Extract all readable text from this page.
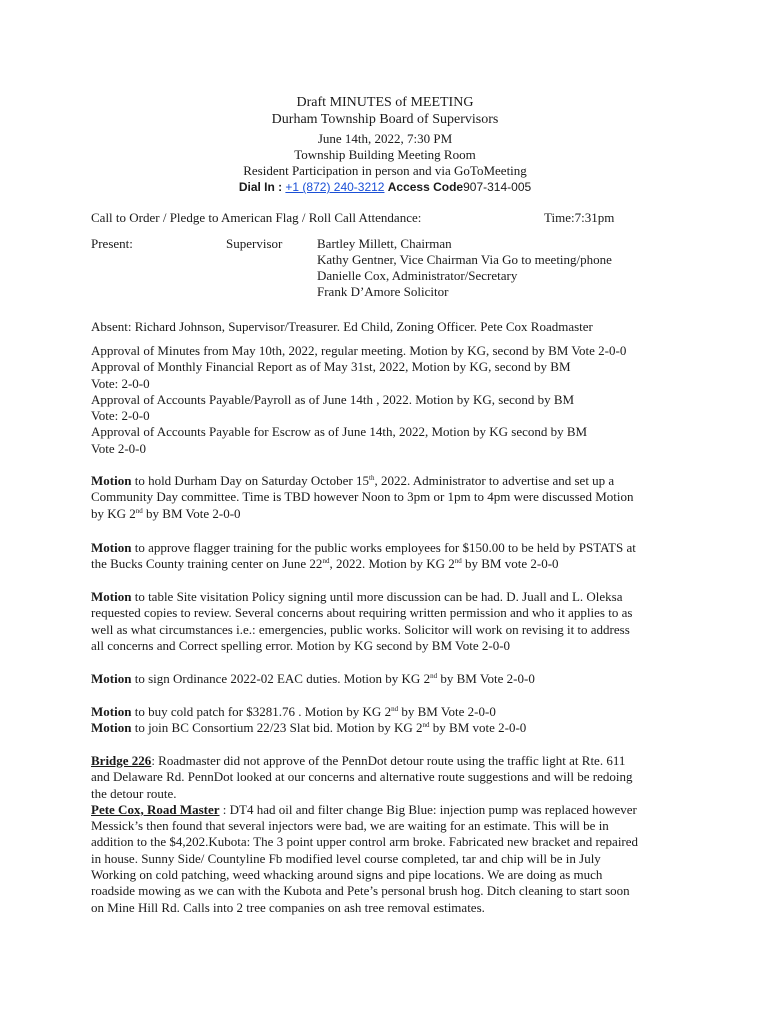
Draft MINUTES of MEETING
Durham Township Board of Supervisors
June 14th, 2022, 7:30 PM
Township Building Meeting Room
Resident Participation in person and via GoToMeeting
Dial In : +1 (872) 240-3212 Access Code907-314-005
Call to Order / Pledge to American Flag / Roll Call Attendance:	Time:7:31pm
Present:	Supervisor	Bartley Millett, Chairman
Kathy Gentner, Vice Chairman Via Go to meeting/phone
Danielle Cox, Administrator/Secretary
Frank D’Amore Solicitor
Absent: Richard Johnson, Supervisor/Treasurer. Ed Child, Zoning Officer. Pete Cox Roadmaster
Approval of Minutes from May 10th, 2022, regular meeting. Motion by KG, second by BM Vote 2-0-0
Approval of Monthly Financial Report as of May 31st, 2022, Motion by KG, second by BM
Vote: 2-0-0
Approval of Accounts Payable/Payroll as of June 14th , 2022. Motion by KG, second by BM
Vote: 2-0-0
Approval of Accounts Payable for Escrow as of June 14th, 2022, Motion by KG second by BM
Vote 2-0-0
Motion to hold Durham Day on Saturday October 15th, 2022. Administrator to advertise and set up a
Community Day committee. Time is TBD however Noon to 3pm or 1pm to 4pm were discussed Motion
by KG 2nd by BM Vote 2-0-0
Motion to approve flagger training for the public works employees for $150.00 to be held by PSTATS at
the Bucks County training center on June 22nd, 2022. Motion by KG 2nd by BM vote 2-0-0
Motion to table Site visitation Policy signing until more discussion can be had. D. Juall and L. Oleksa
requested copies to review. Several concerns about requiring written permission and who it applies to as
well as what circumstances i.e.: emergencies, public works. Solicitor will work on revising it to address
all concerns and Correct spelling error. Motion by KG second by BM Vote 2-0-0
Motion to sign Ordinance 2022-02 EAC duties. Motion by KG 2nd by BM Vote 2-0-0
Motion to buy cold patch for $3281.76 . Motion by KG 2nd by BM Vote 2-0-0
Motion to join BC Consortium 22/23 Slat bid. Motion by KG 2nd by BM vote 2-0-0
Bridge 226: Roadmaster did not approve of the PennDot detour route using the traffic light at Rte. 611
and Delaware Rd. PennDot looked at our concerns and alternative route suggestions and will be redoing
the detour route.
Pete Cox, Road Master : DT4 had oil and filter change Big Blue: injection pump was replaced however
Messick’s then found that several injectors were bad, we are waiting for an estimate. This will be in
addition to the $4,202.Kubota: The 3 point upper control arm broke. Fabricated new bracket and repaired
in house. Sunny Side/ Countyline Fb modified level course completed, tar and chip will be in July
Working on cold patching, weed whacking around signs and pipe locations. We are doing as much
roadside mowing as we can with the Kubota and Pete’s personal brush hog. Ditch cleaning to start soon
on Mine Hill Rd. Calls into 2 tree companies on ash tree removal estimates.
